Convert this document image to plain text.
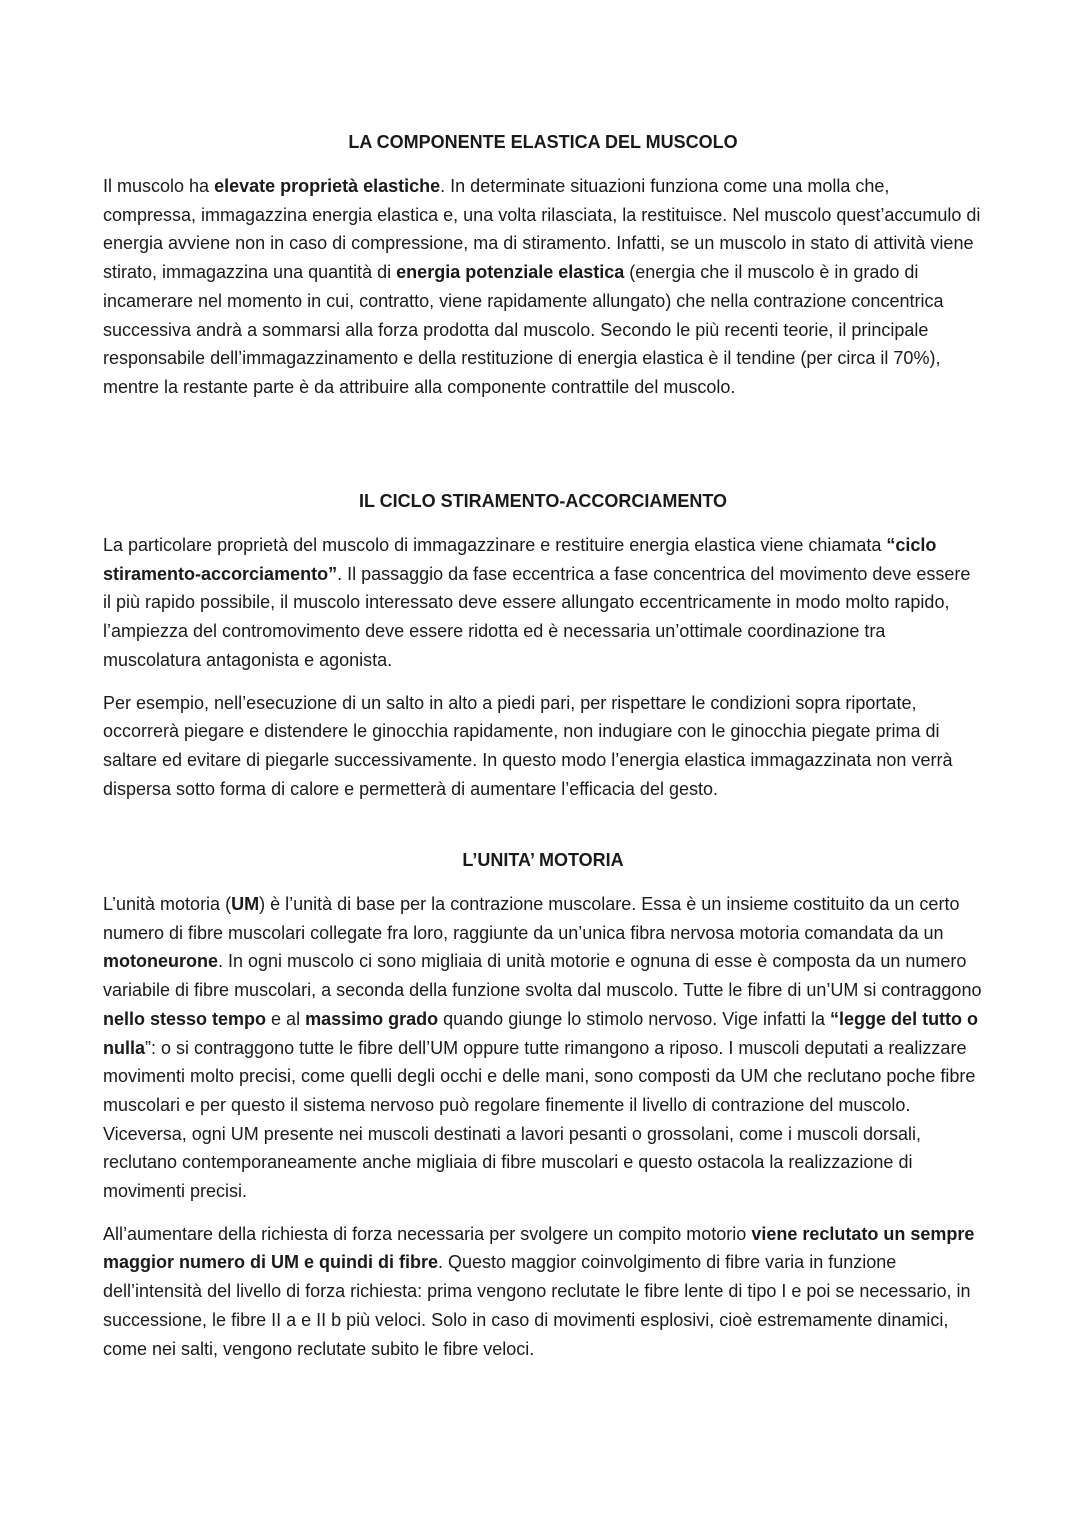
LA COMPONENTE ELASTICA DEL MUSCOLO

Il muscolo ha elevate proprietà elastiche. In determinate situazioni funziona come una molla che, compressa, immagazzina energia elastica e, una volta rilasciata, la restituisce. Nel muscolo quest’accumulo di energia avviene non in caso di compressione, ma di stiramento. Infatti, se un muscolo in stato di attività viene stirato, immagazzina una quantità di energia potenziale elastica (energia che il muscolo è in grado di incamerare nel momento in cui, contratto, viene rapidamente allungato) che nella contrazione concentrica successiva andrà a sommarsi alla forza prodotta dal muscolo. Secondo le più recenti teorie, il principale responsabile dell’immagazzinamento e della restituzione di energia elastica è il tendine (per circa il 70%), mentre la restante parte è da attribuire alla componente contrattile del muscolo.

IL CICLO STIRAMENTO-ACCORCIAMENTO

La particolare proprietà del muscolo di immagazzinare e restituire energia elastica viene chiamata “ciclo stiramento-accorciamento”. Il passaggio da fase eccentrica a fase concentrica del movimento deve essere il più rapido possibile, il muscolo interessato deve essere allungato eccentricamente in modo molto rapido, l’ampiezza del contromovimento deve essere ridotta ed è necessaria un’ottimale coordinazione tra muscolatura antagonista e agonista.

Per esempio, nell’esecuzione di un salto in alto a piedi pari, per rispettare le condizioni sopra riportate, occorrerà piegare e distendere le ginocchia rapidamente, non indugiare con le ginocchia piegate prima di saltare ed evitare di piegarle successivamente. In questo modo l’energia elastica immagazzinata non verrà dispersa sotto forma di calore e permetterà di aumentare l’efficacia del gesto.

L’UNITA’ MOTORIA

L’unità motoria (UM) è l’unità di base per la contrazione muscolare. Essa è un insieme costituito da un certo numero di fibre muscolari collegate fra loro, raggiunte da un’unica fibra nervosa motoria comandata da un motoneurone. In ogni muscolo ci sono migliaia di unità motorie e ognuna di esse è composta da un numero variabile di fibre muscolari, a seconda della funzione svolta dal muscolo. Tutte le fibre di un’UM si contraggono nello stesso tempo e al massimo grado quando giunge lo stimolo nervoso. Vige infatti la “legge del tutto o nulla”: o si contraggono tutte le fibre dell’UM oppure tutte rimangono a riposo. I muscoli deputati a realizzare movimenti molto precisi, come quelli degli occhi e delle mani, sono composti da UM che reclutano poche fibre muscolari e per questo il sistema nervoso può regolare finemente il livello di contrazione del muscolo. Viceversa, ogni UM presente nei muscoli destinati a lavori pesanti o grossolani, come i muscoli dorsali, reclutano contemporaneamente anche migliaia di fibre muscolari e questo ostacola la realizzazione di movimenti precisi.

All’aumentare della richiesta di forza necessaria per svolgere un compito motorio viene reclutato un sempre maggior numero di UM e quindi di fibre. Questo maggior coinvolgimento di fibre varia in funzione dell’intensità del livello di forza richiesta: prima vengono reclutate le fibre lente di tipo I e poi se necessario, in successione, le fibre II a e II b più veloci. Solo in caso di movimenti esplosivi, cioè estremamente dinamici, come nei salti, vengono reclutate subito le fibre veloci.
